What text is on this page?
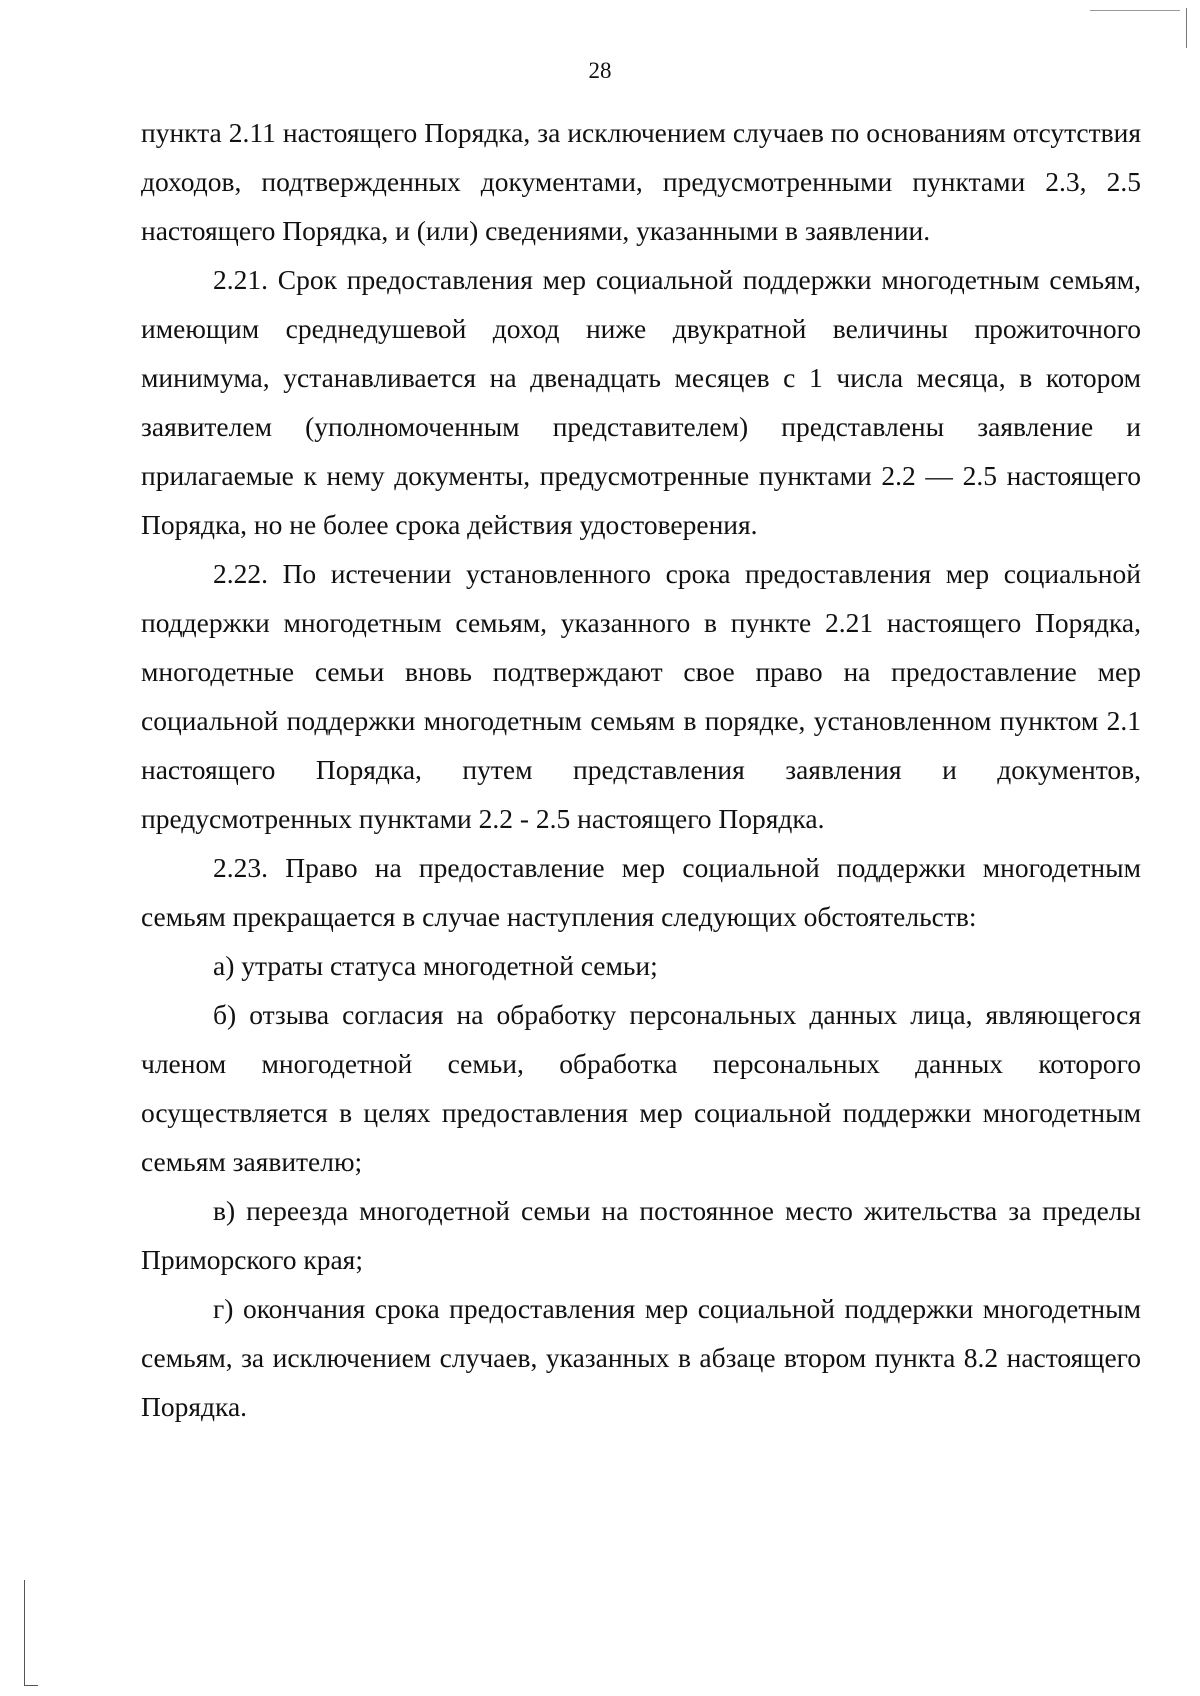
28

пункта 2.11 настоящего Порядка, за исключением случаев по основаниям отсутствия доходов, подтвержденных документами, предусмотренными пунктами 2.3, 2.5 настоящего Порядка, и (или) сведениями, указанными в заявлении.

2.21. Срок предоставления мер социальной поддержки многодетным семьям, имеющим среднедушевой доход ниже двукратной величины прожиточного минимума, устанавливается на двенадцать месяцев с 1 числа месяца, в котором заявителем (уполномоченным представителем) представлены заявление и прилагаемые к нему документы, предусмотренные пунктами 2.2 — 2.5 настоящего Порядка, но не более срока действия удостоверения.

2.22. По истечении установленного срока предоставления мер социальной поддержки многодетным семьям, указанного в пункте 2.21 настоящего Порядка, многодетные семьи вновь подтверждают свое право на предоставление мер социальной поддержки многодетным семьям в порядке, установленном пунктом 2.1 настоящего Порядка, путем представления заявления и документов, предусмотренных пунктами 2.2 - 2.5 настоящего Порядка.

2.23. Право на предоставление мер социальной поддержки многодетным семьям прекращается в случае наступления следующих обстоятельств:

а) утраты статуса многодетной семьи;

б) отзыва согласия на обработку персональных данных лица, являющегося членом многодетной семьи, обработка персональных данных которого осуществляется в целях предоставления мер социальной поддержки многодетным семьям заявителю;

в) переезда многодетной семьи на постоянное место жительства за пределы Приморского края;

г) окончания срока предоставления мер социальной поддержки многодетным семьям, за исключением случаев, указанных в абзаце втором пункта 8.2 настоящего Порядка.
